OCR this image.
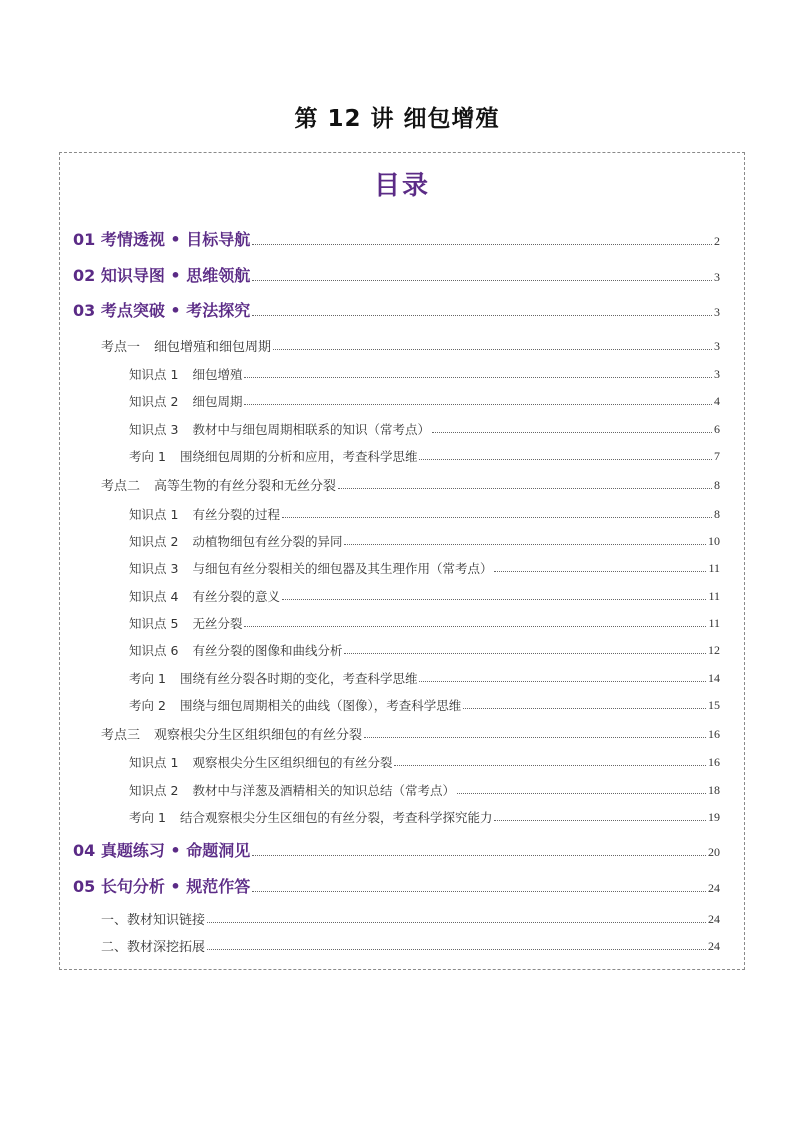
第 12 讲 细包增殖
目录
01 考情透视 • 目标导航	2
02 知识导图 • 思维领航	3
03 考点突破 • 考法探究	3
考点一 细包增殖和细包周期	3
知识点 1 细包增殖	3
知识点 2 细包周期	4
知识点 3 教材中与细包周期相联系的知识（常考点）	6
考向 1 围绕细包周期的分析和应用，考查科学思维	7
考点二 高等生物的有丝分裂和无丝分裂	8
知识点 1 有丝分裂的过程	8
知识点 2 动植物细包有丝分裂的异同	10
知识点 3 与细包有丝分裂相关的细包器及其生理作用（常考点）	11
知识点 4 有丝分裂的意义	11
知识点 5 无丝分裂	11
知识点 6 有丝分裂的图像和曲线分析	12
考向 1 围绕有丝分裂各时期的变化，考查科学思维	14
考向 2 围绕与细包周期相关的曲线（图像），考查科学思维	15
考点三 观察根尖分生区组织细包的有丝分裂	16
知识点 1 观察根尖分生区组织细包的有丝分裂	16
知识点 2 教材中与洋葱及酒精相关的知识总结（常考点）	18
考向 1 结合观察根尖分生区细包的有丝分裂，考查科学探究能力	19
04 真题练习 • 命题洞见	20
05 长句分析 • 规范作答	24
一、教材知识链接	24
二、教材深挖拓展	24
